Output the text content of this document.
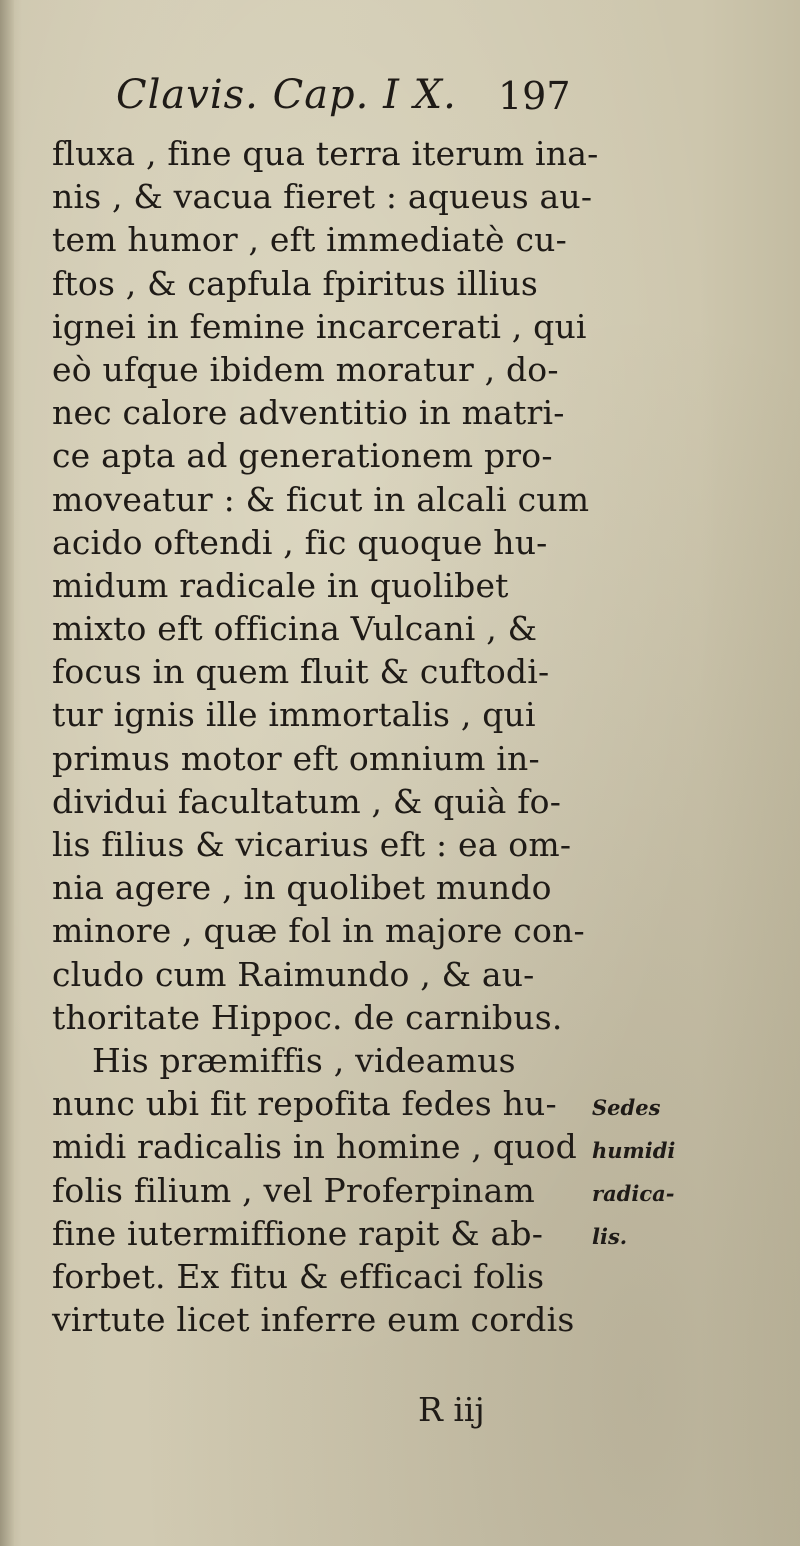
Clavis. Cap. I X. 197
fluxa , fine qua terra iterum ina-
nis , & vacua fieret : aqueus au-
tem humor , eft immediatè cu-
ftos , & capfula fpiritus illius
ignei in femine incarcerati , qui
eò ufque ibidem moratur , do-
nec calore adventitio in matri-
ce apta ad generationem pro-
moveatur : & ficut in alcali cum
acido oftendi , fic quoque hu-
midum radicale in quolibet
mixto eft officina Vulcani , &
focus in quem fluit & cuftodi-
tur ignis ille immortalis , qui
primus motor eft omnium in-
dividui facultatum , & quià fo-
lis filius & vicarius eft : ea om-
nia agere , in quolibet mundo
minore , quæ fol in majore con-
cludo cum Raimundo , & au-
thoritate Hippoc. de carnibus.
His præmiffis , videamus
nunc ubi fit repofita fedes hu-
midi radicalis in homine , quod
folis filium , vel Proferpinam
fine iutermiffione rapit & ab-
forbet. Ex fitu & efficaci folis
virtute licet inferre eum cordis
Sedes
humidi
radica-
lis.
R iij
